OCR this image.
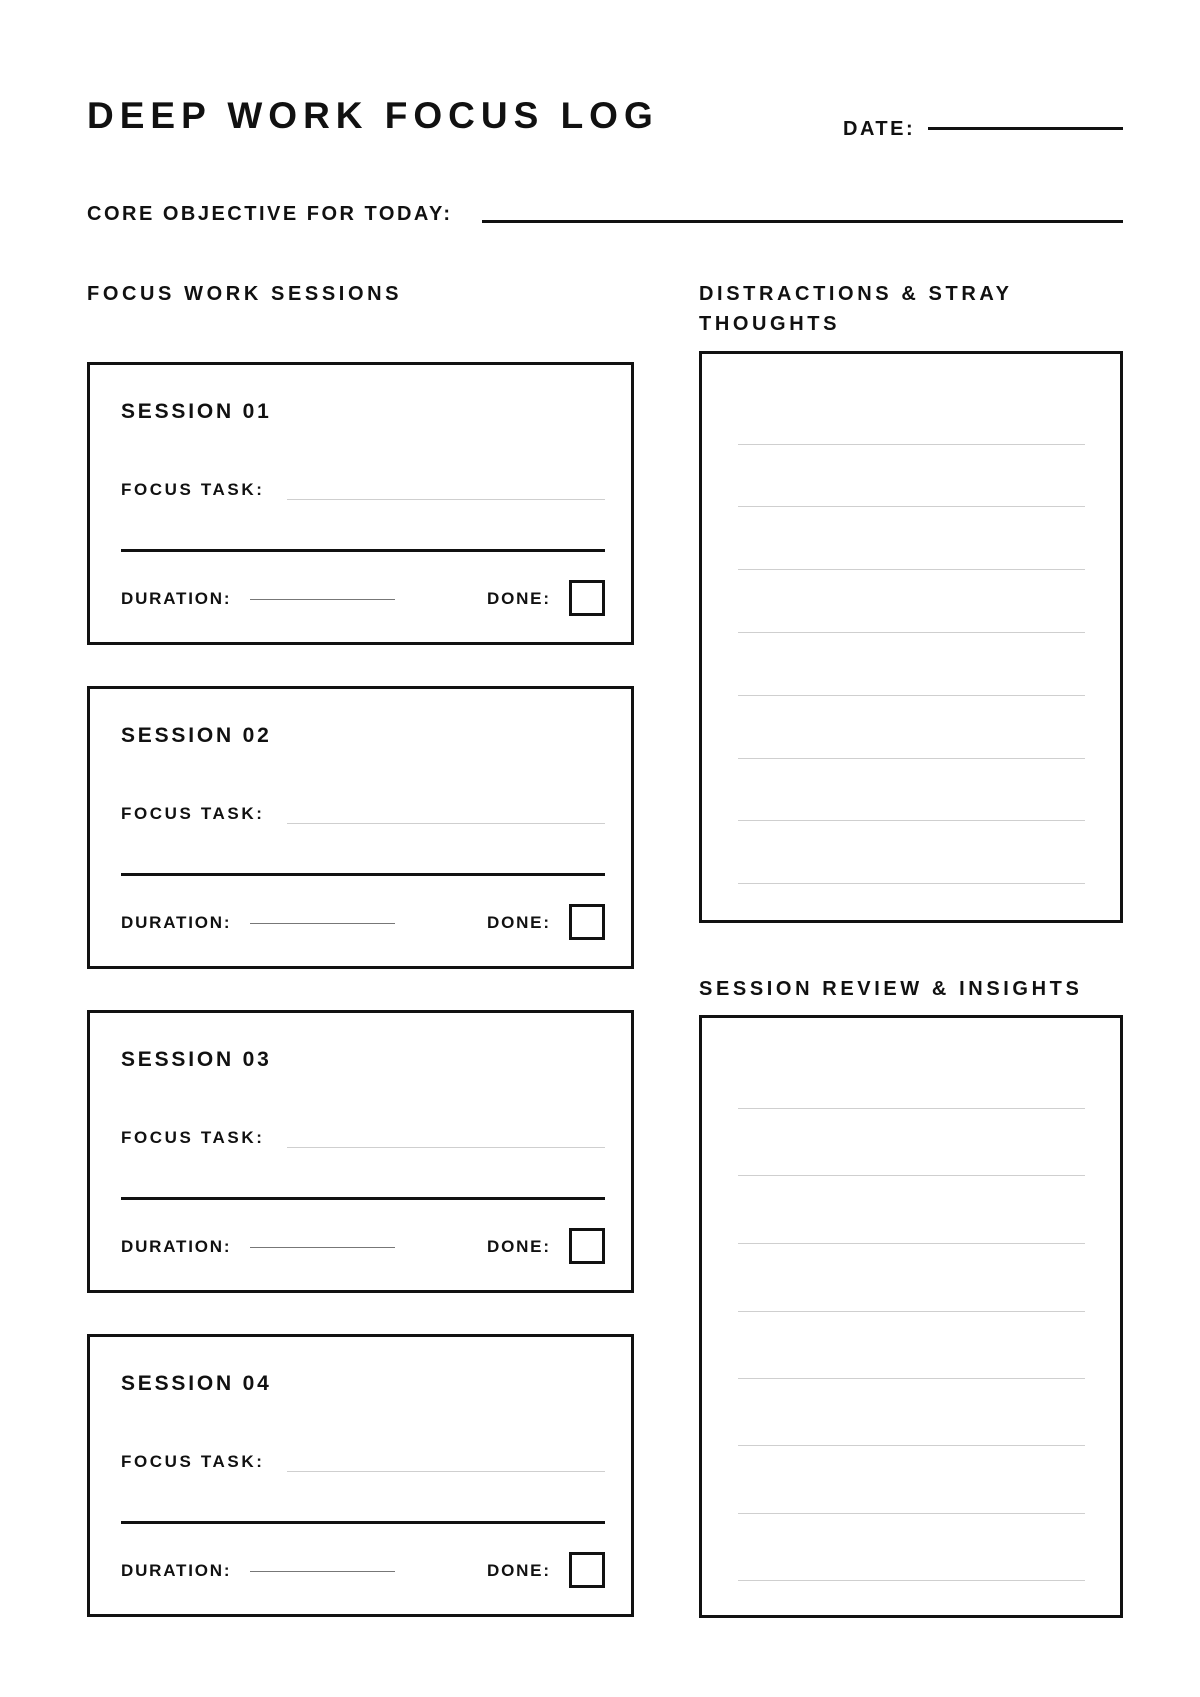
DEEP WORK FOCUS LOG	DATE:
CORE OBJECTIVE FOR TODAY:
FOCUS WORK SESSIONS	DISTRACTIONS & STRAY THOUGHTS
SESSION REVIEW & INSIGHTS
SESSION 01
FOCUS TASK:
DURATION:	DONE:
SESSION 02
FOCUS TASK:
DURATION:	DONE:
SESSION 03
FOCUS TASK:
DURATION:	DONE:
SESSION 04
FOCUS TASK:
DURATION:	DONE:
